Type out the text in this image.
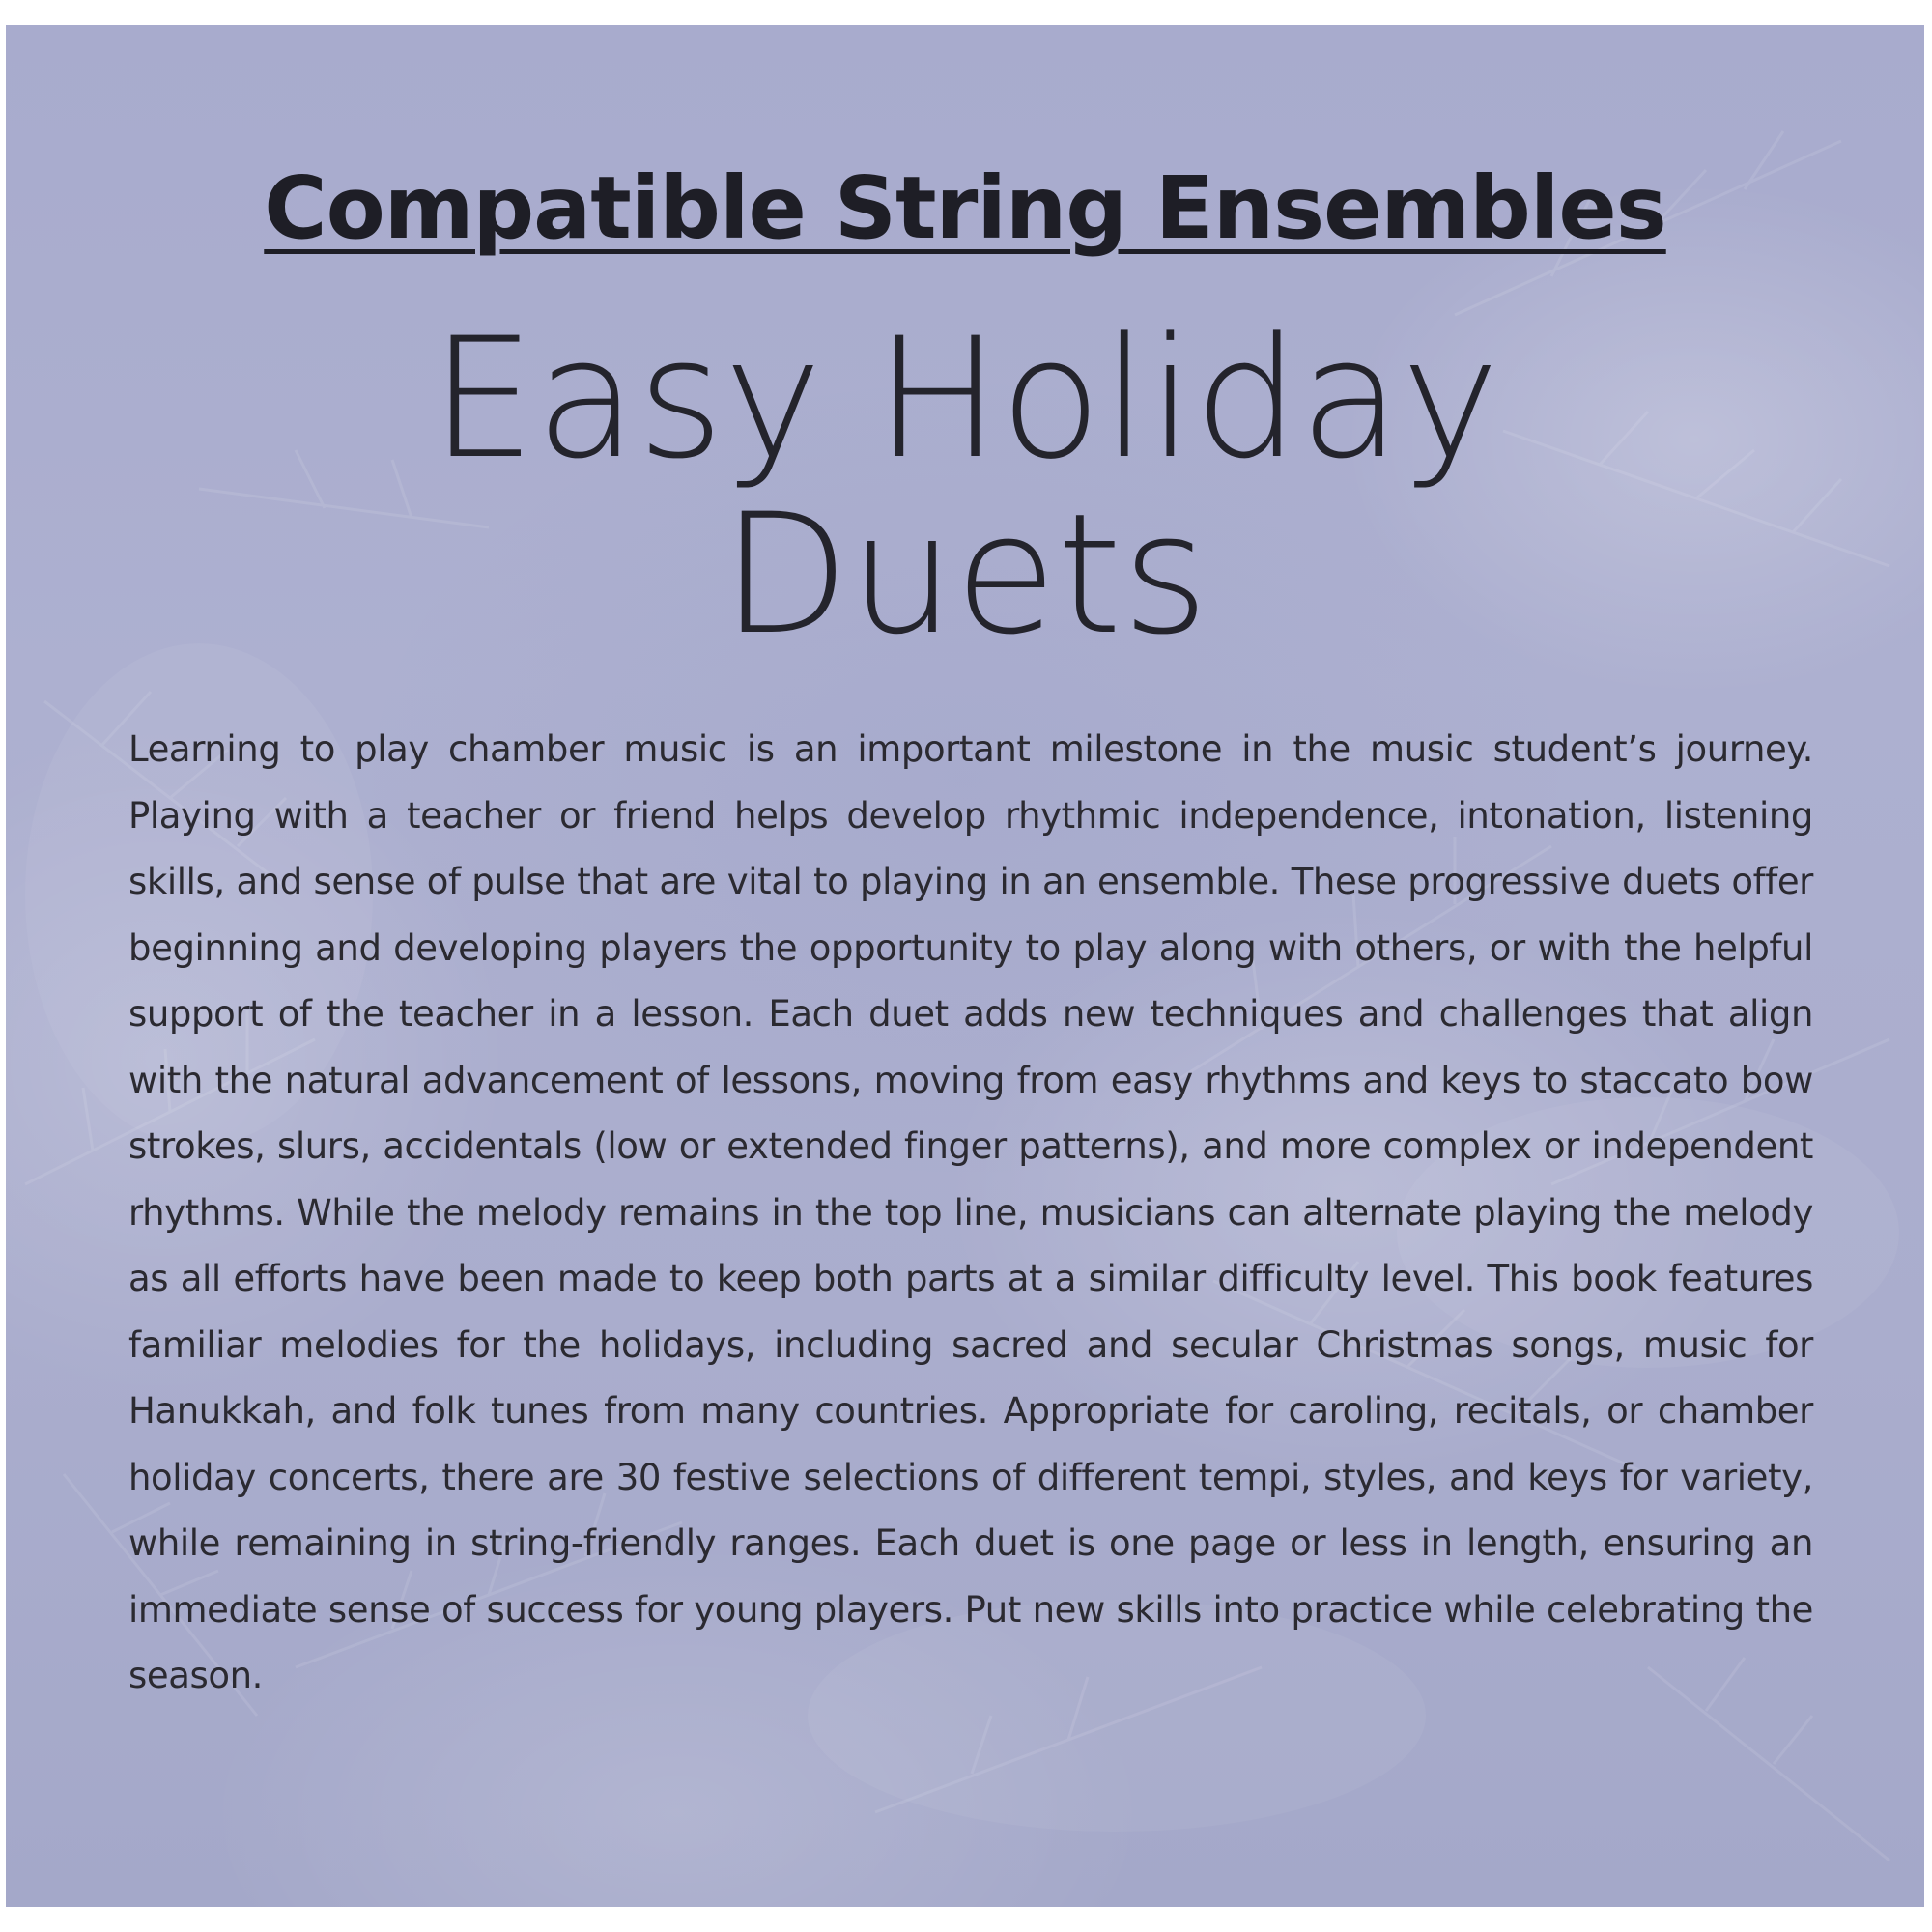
Compatible String Ensembles
Easy Holiday
Duets
Learning to play chamber music is an important milestone in the music student’s journey. Playing with a teacher or friend helps develop rhythmic independence, intonation, listening skills, and sense of pulse that are vital to playing in an ensemble. These progressive duets offer beginning and developing players the opportunity to play along with others, or with the helpful support of the teacher in a lesson. Each duet adds new techniques and challenges that align with the natural advancement of lessons, moving from easy rhythms and keys to staccato bow strokes, slurs, accidentals (low or extended finger patterns), and more complex or independent rhythms. While the melody remains in the top line, musicians can alternate playing the melody as all efforts have been made to keep both parts at a similar difficulty level. This book features familiar melodies for the holidays, including sacred and secular Christmas songs, music for Hanukkah, and folk tunes from many countries. Appropriate for caroling, recitals, or chamber holiday concerts, there are 30 festive selections of different tempi, styles, and keys for variety, while remaining in string-friendly ranges. Each duet is one page or less in length, ensuring an immediate sense of success for young players. Put new skills into practice while celebrating the season.
